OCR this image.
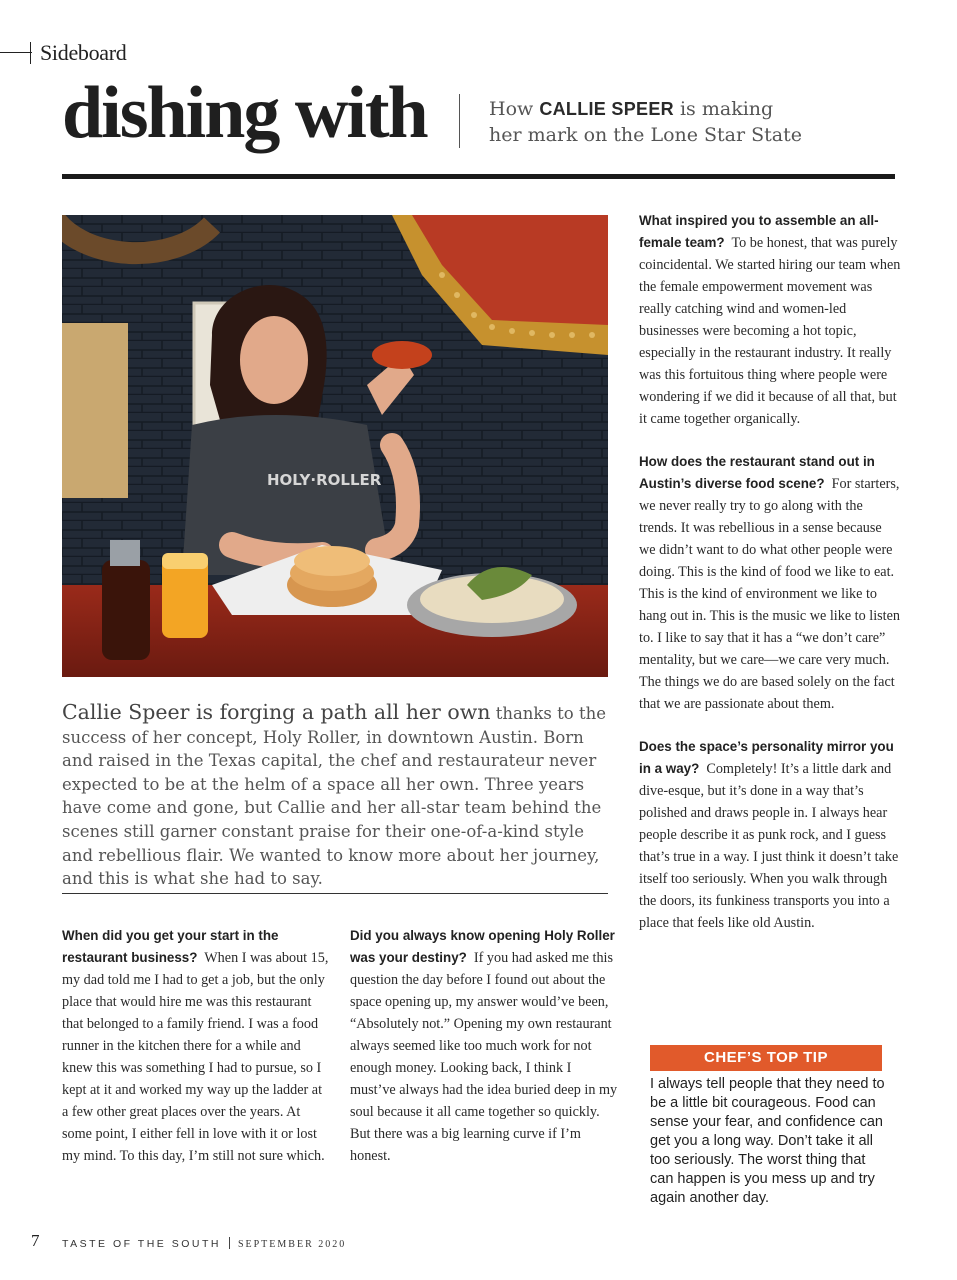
Sideboard
dishing with	How CALLIE SPEER is making her mark on the Lone Star State
HOLY·ROLLER
Callie Speer is forging a path all her own thanks to the success of her concept, Holy Roller, in downtown Austin. Born and raised in the Texas capital, the chef and restaurateur never expected to be at the helm of a space all her own. Three years have come and gone, but Callie and her all-star team behind the scenes still garner constant praise for their one-of-a-kind style and rebellious flair. We wanted to know more about her journey, and this is what she had to say.

When did you get your start in the restaurant business? When I was about 15, my dad told me I had to get a job, but the only place that would hire me was this restaurant that belonged to a family friend. I was a food runner in the kitchen there for a while and knew this was something I had to pursue, so I kept at it and worked my way up the ladder at a few other great places over the years. At some point, I either fell in love with it or lost my mind. To this day, I’m still not sure which.

Did you always know opening Holy Roller was your destiny? If you had asked me this question the day before I found out about the space opening up, my answer would’ve been, “Absolutely not.” Opening my own restaurant always seemed like too much work for not enough money. Looking back, I think I must’ve always had the idea buried deep in my soul because it all came together so quickly. But there was a big learning curve if I’m honest.

What inspired you to assemble an all-female team? To be honest, that was purely coincidental. We started hiring our team when the female empowerment movement was really catching wind and women-led businesses were becoming a hot topic, especially in the restaurant industry. It really was this fortuitous thing where people were wondering if we did it because of all that, but it came together organically.

How does the restaurant stand out in Austin’s diverse food scene? For starters, we never really try to go along with the trends. It was rebellious in a sense because we didn’t want to do what other people were doing. This is the kind of food we like to eat. This is the kind of environment we like to hang out in. This is the music we like to listen to. I like to say that it has a “we don’t care” mentality, but we care—we care very much. The things we do are based solely on the fact that we are passionate about them.

Does the space’s personality mirror you in a way? Completely! It’s a little dark and dive-esque, but it’s done in a way that’s polished and draws people in. I always hear people describe it as punk rock, and I guess that’s true in a way. I just think it doesn’t take itself too seriously. When you walk through the doors, its funkiness transports you into a place that feels like old Austin.

CHEF’S TOP TIP
I always tell people that they need to be a little bit courageous. Food can sense your fear, and confidence can get you a long way. Don’t take it all too seriously. The worst thing that can happen is you mess up and try again another day.
7 TASTE OF THE SOUTH SEPTEMBER 2020
